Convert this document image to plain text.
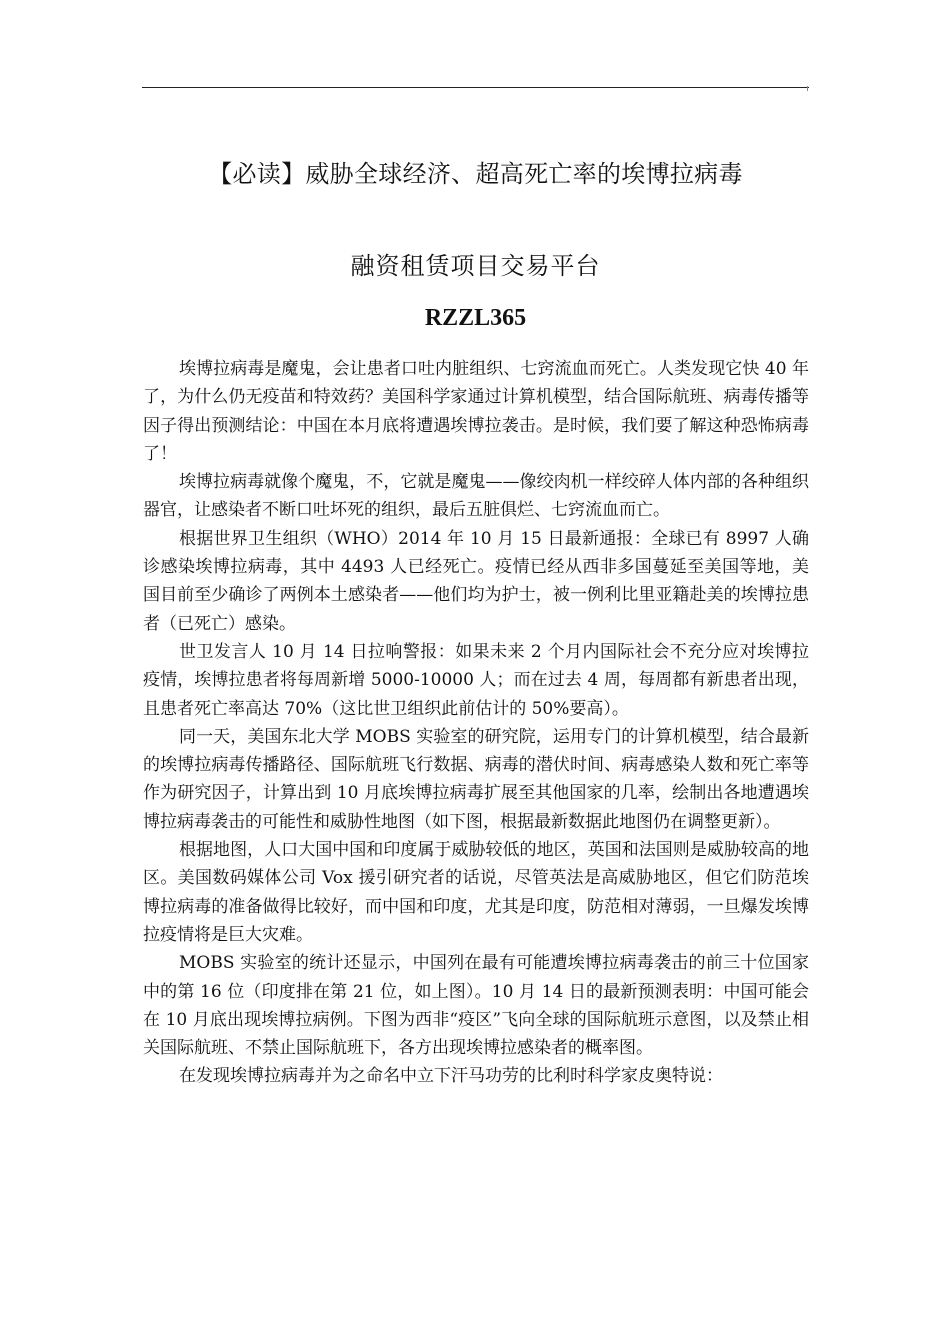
【必读】威胁全球经济、超高死亡率的埃博拉病毒
融资租赁项目交易平台
RZZL365

埃博拉病毒是魔鬼，会让患者口吐内脏组织、七窍流血而死亡。人类发现它快 40 年了，为什么仍无疫苗和特效药？美国科学家通过计算机模型，结合国际航班、病毒传播等因子得出预测结论：中国在本月底将遭遇埃博拉袭击。是时候，我们要了解这种恐怖病毒了！

埃博拉病毒就像个魔鬼，不，它就是魔鬼——像绞肉机一样绞碎人体内部的各种组织器官，让感染者不断口吐坏死的组织，最后五脏俱烂、七窍流血而亡。

根据世界卫生组织（WHO）2014 年 10 月 15 日最新通报：全球已有 8997 人确诊感染埃博拉病毒，其中 4493 人已经死亡。疫情已经从西非多国蔓延至美国等地，美国目前至少确诊了两例本土感染者——他们均为护士，被一例利比里亚籍赴美的埃博拉患者（已死亡）感染。

世卫发言人 10 月 14 日拉响警报：如果未来 2 个月内国际社会不充分应对埃博拉疫情，埃博拉患者将每周新增 5000-10000 人；而在过去 4 周，每周都有新患者出现，且患者死亡率高达 70%（这比世卫组织此前估计的 50%要高）。

同一天，美国东北大学 MOBS 实验室的研究院，运用专门的计算机模型，结合最新的埃博拉病毒传播路径、国际航班飞行数据、病毒的潜伏时间、病毒感染人数和死亡率等作为研究因子，计算出到 10 月底埃博拉病毒扩展至其他国家的几率，绘制出各地遭遇埃博拉病毒袭击的可能性和威胁性地图（如下图，根据最新数据此地图仍在调整更新）。

根据地图，人口大国中国和印度属于威胁较低的地区，英国和法国则是威胁较高的地区。美国数码媒体公司 Vox 援引研究者的话说，尽管英法是高威胁地区，但它们防范埃博拉病毒的准备做得比较好，而中国和印度，尤其是印度，防范相对薄弱，一旦爆发埃博拉疫情将是巨大灾难。

MOBS 实验室的统计还显示，中国列在最有可能遭埃博拉病毒袭击的前三十位国家中的第 16 位（印度排在第 21 位，如上图）。10 月 14 日的最新预测表明：中国可能会在 10 月底出现埃博拉病例。下图为西非“疫区”飞向全球的国际航班示意图，以及禁止相关国际航班、不禁止国际航班下，各方出现埃博拉感染者的概率图。

在发现埃博拉病毒并为之命名中立下汗马功劳的比利时科学家皮奥特说：
